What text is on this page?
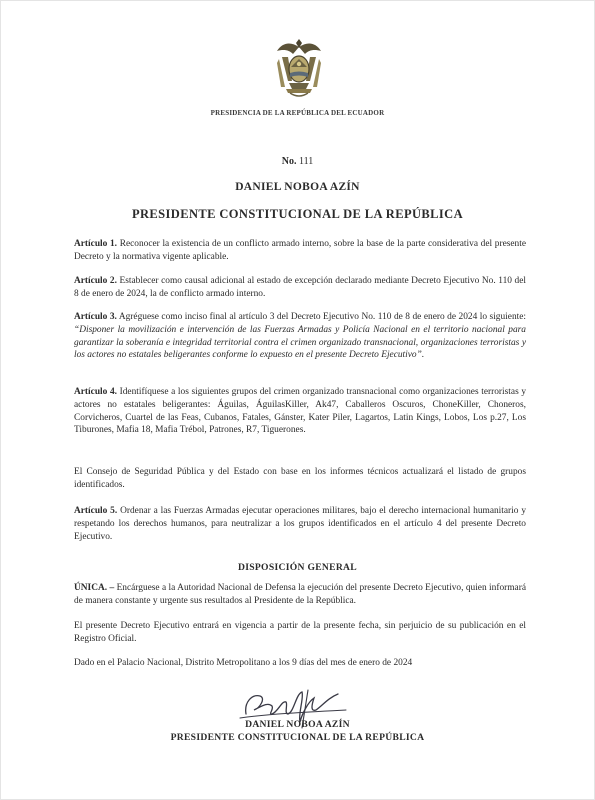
PRESIDENCIA DE LA REPÚBLICA DEL ECUADOR
No. 111
DANIEL NOBOA AZÍN
PRESIDENTE CONSTITUCIONAL DE LA REPÚBLICA

Artículo 1. Reconocer la existencia de un conflicto armado interno, sobre la base de la parte considerativa del presente Decreto y la normativa vigente aplicable.

Artículo 2. Establecer como causal adicional al estado de excepción declarado mediante Decreto Ejecutivo No. 110 del 8 de enero de 2024, la de conflicto armado interno.

Artículo 3. Agréguese como inciso final al artículo 3 del Decreto Ejecutivo No. 110 de 8 de enero de 2024 lo siguiente: “Disponer la movilización e intervención de las Fuerzas Armadas y Policía Nacional en el territorio nacional para garantizar la soberanía e integridad territorial contra el crimen organizado transnacional, organizaciones terroristas y los actores no estatales beligerantes conforme lo expuesto en el presente Decreto Ejecutivo”.

Artículo 4. Identifíquese a los siguientes grupos del crimen organizado transnacional como organizaciones terroristas y actores no estatales beligerantes: Águilas, ÁguilasKiller, Ak47, Caballeros Oscuros, ChoneKiller, Choneros, Corvicheros, Cuartel de las Feas, Cubanos, Fatales, Gánster, Kater Piler, Lagartos, Latin Kings, Lobos, Los p.27, Los Tiburones, Mafia 18, Mafia Trébol, Patrones, R7, Tiguerones.

El Consejo de Seguridad Pública y del Estado con base en los informes técnicos actualizará el listado de grupos identificados.

Artículo 5. Ordenar a las Fuerzas Armadas ejecutar operaciones militares, bajo el derecho internacional humanitario y respetando los derechos humanos, para neutralizar a los grupos identificados en el artículo 4 del presente Decreto Ejecutivo.

DISPOSICIÓN GENERAL

ÚNICA. – Encárguese a la Autoridad Nacional de Defensa la ejecución del presente Decreto Ejecutivo, quien informará de manera constante y urgente sus resultados al Presidente de la República.

El presente Decreto Ejecutivo entrará en vigencia a partir de la presente fecha, sin perjuicio de su publicación en el Registro Oficial.

Dado en el Palacio Nacional, Distrito Metropolitano a los 9 días del mes de enero de 2024

DANIEL NOBOA AZÍN
PRESIDENTE CONSTITUCIONAL DE LA REPÚBLICA
